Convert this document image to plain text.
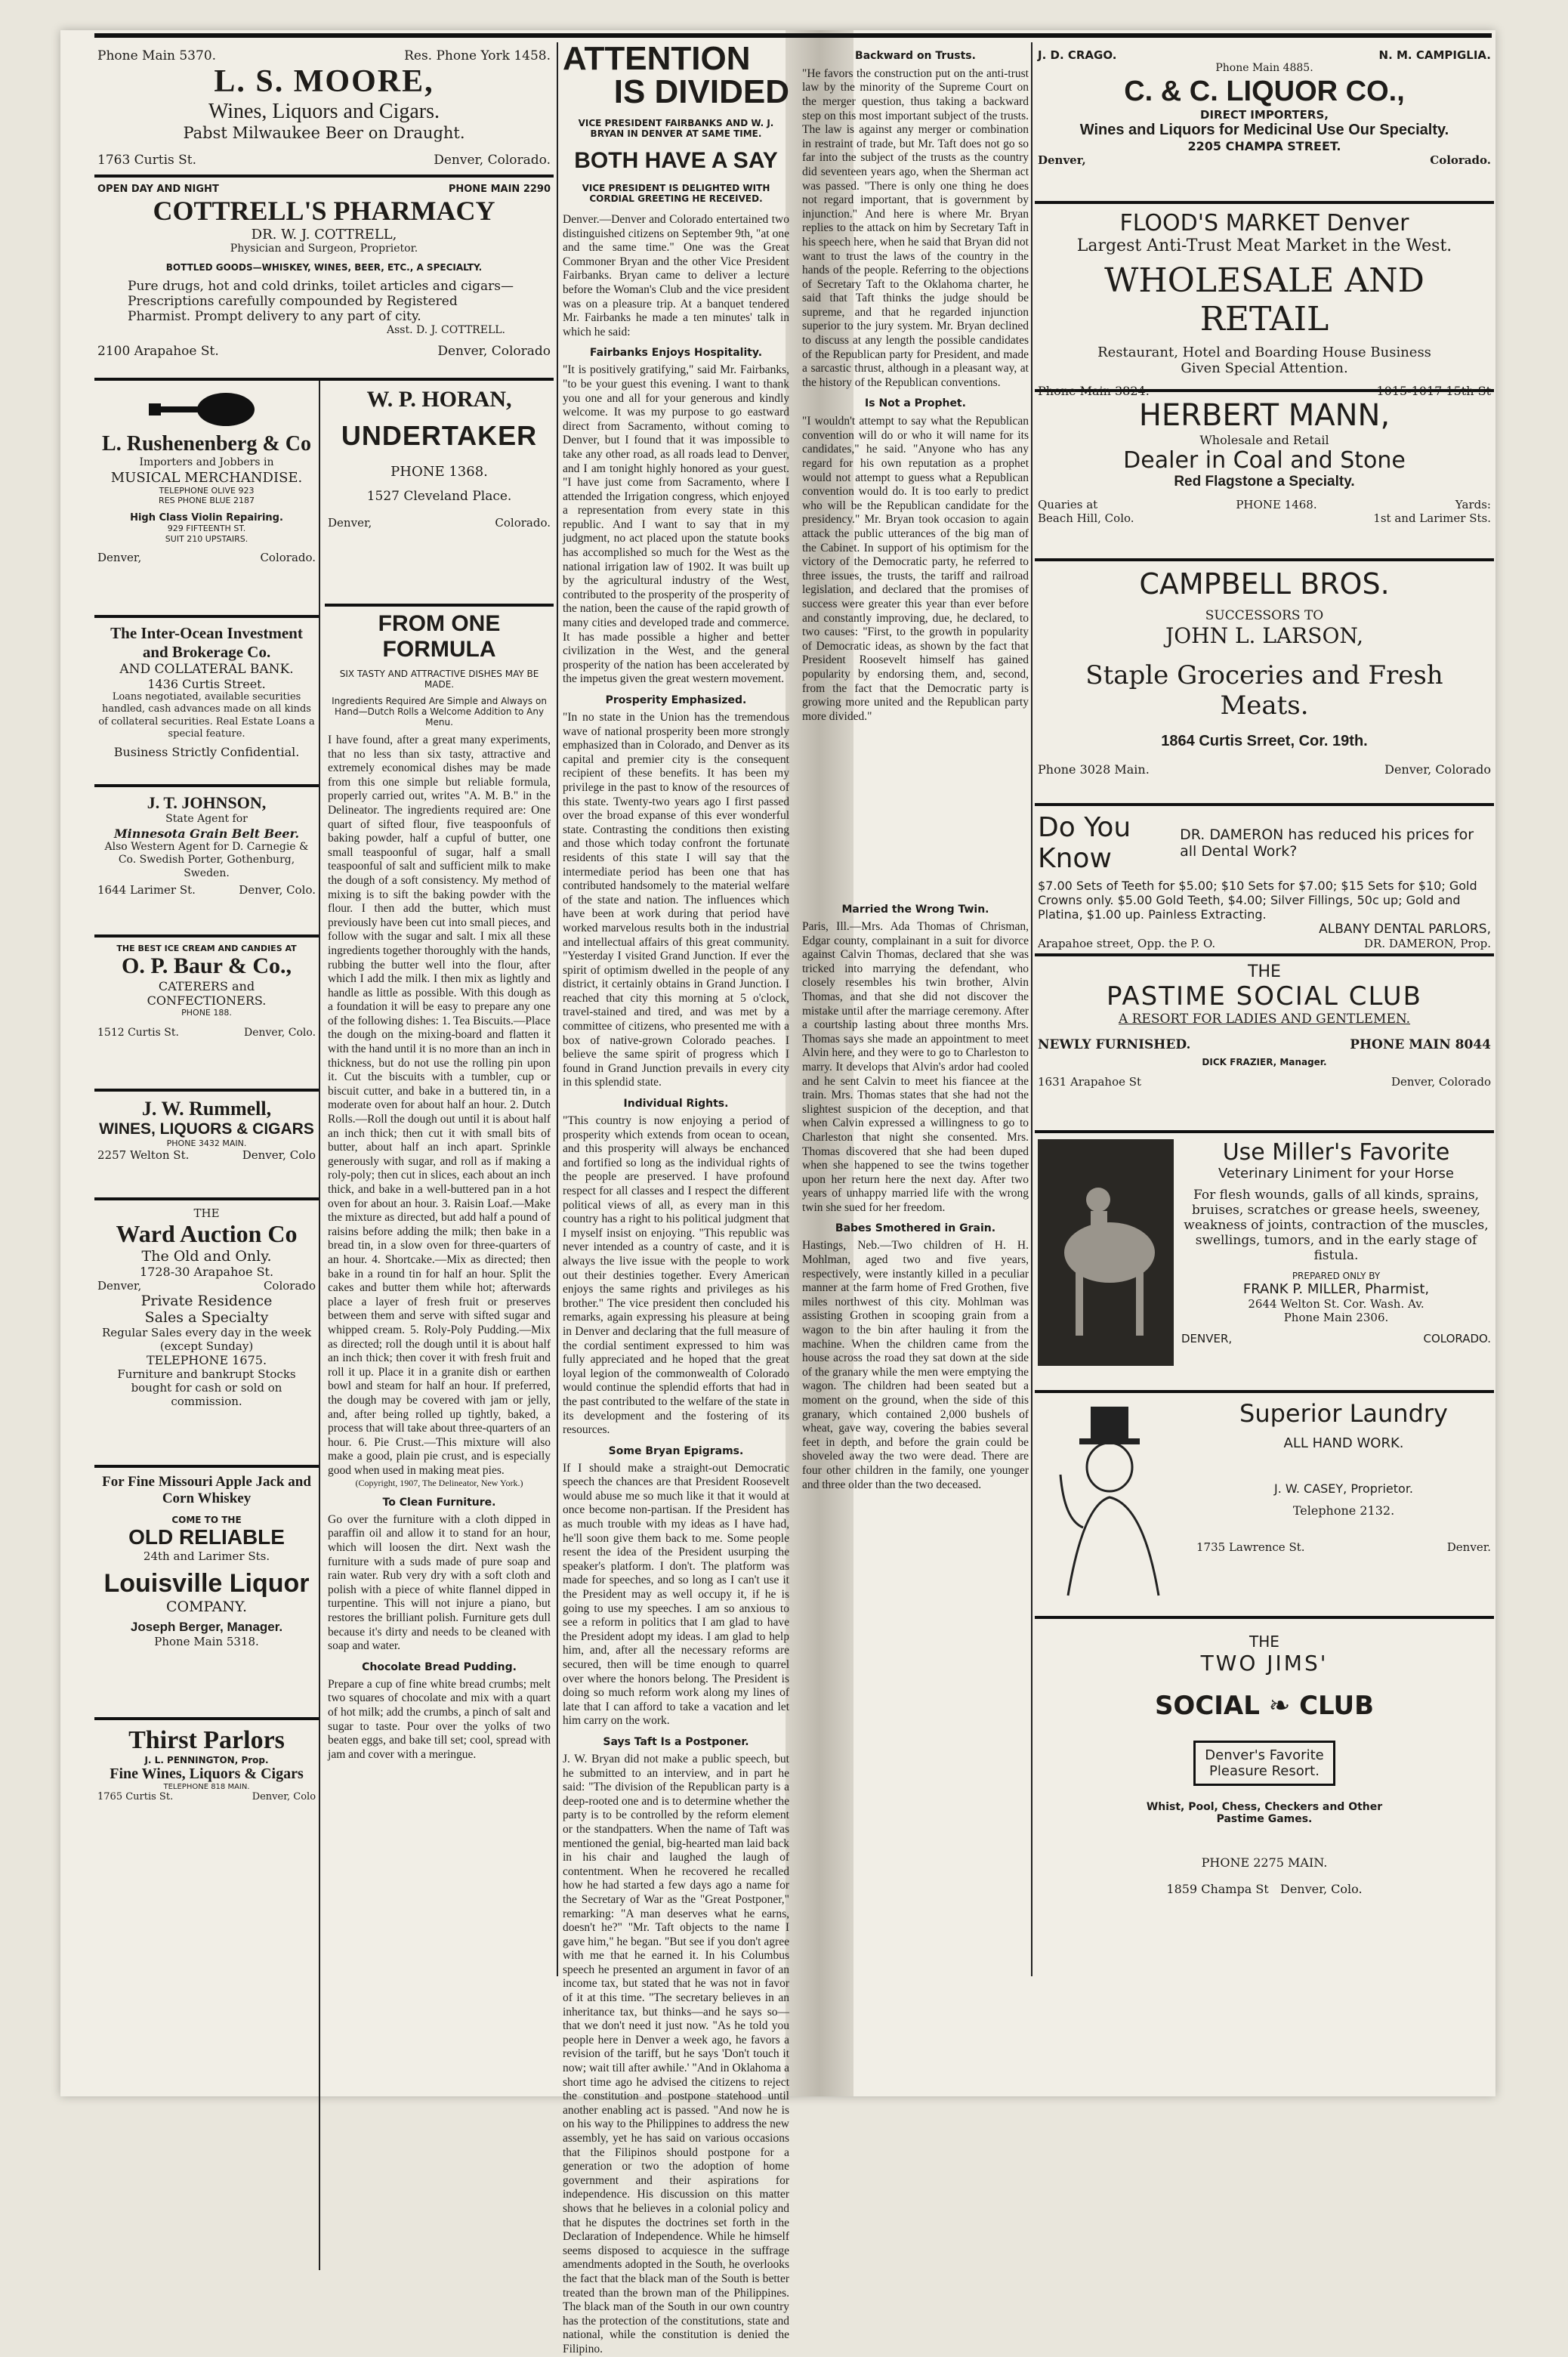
Phone Main 5370.	Res. Phone York 1458.
L. S. MOORE,
Wines, Liquors and Cigars.
Pabst Milwaukee Beer on Draught.
1763 Curtis St.	Denver, Colorado.
OPEN DAY AND NIGHT	PHONE MAIN 2290
COTTRELL'S PHARMACY
DR. W. J. COTTRELL,
Physician and Surgeon, Proprietor.
BOTTLED GOODS—WHISKEY, WINES, BEER, ETC., A SPECIALTY.
Pure drugs, hot and cold drinks, toilet articles and cigars—Prescriptions carefully compounded by Registered Pharmist. Prompt delivery to any part of city.
Asst. D. J. COTTRELL.
2100 Arapahoe St.	Denver, Colorado
L. Rushenenberg & Co
Importers and Jobbers in
MUSICAL MERCHANDISE.
TELEPHONE OLIVE 923
RES PHONE BLUE 2187
High Class Violin Repairing.
929 FIFTEENTH ST.
SUIT 210 UPSTAIRS.
Denver,	Colorado.
The Inter-Ocean Investment and Brokerage Co.
AND COLLATERAL BANK.
1436 Curtis Street.
Loans negotiated, available securities handled, cash advances made on all kinds of collateral securities. Real Estate Loans a special feature.
Business Strictly Confidential.
J. T. JOHNSON,
State Agent for
Minnesota Grain Belt Beer.
Also Western Agent for D. Carnegie & Co. Swedish Porter, Gothenburg, Sweden.
1644 Larimer St.	Denver, Colo.
THE BEST ICE CREAM AND CANDIES AT
O. P. Baur & Co.,
CATERERS and
CONFECTIONERS.
PHONE 188.
1512 Curtis St.	Denver, Colo.
J. W. Rummell,
WINES, LIQUORS & CIGARS
PHONE 3432 MAIN.
2257 Welton St.	Denver, Colo
THE
Ward Auction Co
The Old and Only.
1728-30 Arapahoe St.
Denver,	Colorado
Private Residence
Sales a Specialty
Regular Sales every day in the week (except Sunday)
TELEPHONE 1675.
Furniture and bankrupt Stocks bought for cash or sold on commission.
For Fine Missouri Apple Jack and Corn Whiskey
COME TO THE
OLD RELIABLE
24th and Larimer Sts.
Louisville Liquor
COMPANY.
Joseph Berger, Manager.
Phone Main 5318.
Thirst Parlors
J. L. PENNINGTON, Prop.
Fine Wines, Liquors & Cigars
TELEPHONE 818 MAIN.
1765 Curtis St.	Denver, Colo
W. P. HORAN,
UNDERTAKER
PHONE 1368.
1527 Cleveland Place.
Denver,	Colorado.
FROM ONE FORMULA
SIX TASTY AND ATTRACTIVE DISHES MAY BE MADE.
Ingredients Required Are Simple and Always on Hand—Dutch Rolls a Welcome Addition to Any Menu.
I have found, after a great many experiments, that no less than six tasty, attractive and extremely economical dishes may be made from this one simple but reliable formula, properly carried out, writes "A. M. B." in the Delineator. The ingredients required are: One quart of sifted flour, five teaspoonfuls of baking powder, half a cupful of butter, one small teaspoonful of sugar, half a small teaspoonful of salt and sufficient milk to make the dough of a soft consistency. My method of mixing is to sift the baking powder with the flour. I then add the butter, which must previously have been cut into small pieces, and follow with the sugar and salt. I mix all these ingredients together thoroughly with the hands, rubbing the butter well into the flour, after which I add the milk. I then mix as lightly and handle as little as possible. With this dough as a foundation it will be easy to prepare any one of the following dishes: 1. Tea Biscuits.—Place the dough on the mixing-board and flatten it with the hand until it is no more than an inch in thickness, but do not use the rolling pin upon it. Cut the biscuits with a tumbler, cup or biscuit cutter, and bake in a buttered tin, in a moderate oven for about half an hour. 2. Dutch Rolls.—Roll the dough out until it is about half an inch thick; then cut it with small bits of butter, about half an inch apart. Sprinkle generously with sugar, and roll as if making a roly-poly; then cut in slices, each about an inch thick, and bake in a well-buttered pan in a hot oven for about an hour. 3. Raisin Loaf.—Make the mixture as directed, but add half a pound of raisins before adding the milk; then bake in a bread tin, in a slow oven for three-quarters of an hour. 4. Shortcake.—Mix as directed; then bake in a round tin for half an hour. Split the cakes and butter them while hot; afterwards place a layer of fresh fruit or preserves between them and serve with sifted sugar and whipped cream. 5. Roly-Poly Pudding.—Mix as directed; roll the dough until it is about half an inch thick; then cover it with fresh fruit and roll it up. Place it in a granite dish or earthen bowl and steam for half an hour. If preferred, the dough may be covered with jam or jelly, and, after being rolled up tightly, baked, a process that will take about three-quarters of an hour. 6. Pie Crust.—This mixture will also make a good, plain pie crust, and is especially good when used in making meat pies.
(Copyright, 1907, The Delineator, New York.)
To Clean Furniture.
Go over the furniture with a cloth dipped in paraffin oil and allow it to stand for an hour, which will loosen the dirt. Next wash the furniture with a suds made of pure soap and rain water. Rub very dry with a soft cloth and polish with a piece of white flannel dipped in turpentine. This will not injure a piano, but restores the brilliant polish. Furniture gets dull because it's dirty and needs to be cleaned with soap and water.
Chocolate Bread Pudding.
Prepare a cup of fine white bread crumbs; melt two squares of chocolate and mix with a quart of hot milk; add the crumbs, a pinch of salt and sugar to taste. Pour over the yolks of two beaten eggs, and bake till set; cool, spread with jam and cover with a meringue.
ATTENTION
IS DIVIDED
VICE PRESIDENT FAIRBANKS AND W. J. BRYAN IN DENVER AT SAME TIME.
BOTH HAVE A SAY
VICE PRESIDENT IS DELIGHTED WITH CORDIAL GREETING HE RECEIVED.
Denver.—Denver and Colorado entertained two distinguished citizens on September 9th, "at one and the same time." One was the Great Commoner Bryan and the other Vice President Fairbanks. Bryan came to deliver a lecture before the Woman's Club and the vice president was on a pleasure trip. At a banquet tendered Mr. Fairbanks he made a ten minutes' talk in which he said:
Fairbanks Enjoys Hospitality.
"It is positively gratifying," said Mr. Fairbanks, "to be your guest this evening. I want to thank you one and all for your generous and kindly welcome. It was my purpose to go eastward direct from Sacramento, without coming to Denver, but I found that it was impossible to take any other road, as all roads lead to Denver, and I am tonight highly honored as your guest. "I have just come from Sacramento, where I attended the Irrigation congress, which enjoyed a representation from every state in this republic. And I want to say that in my judgment, no act placed upon the statute books has accomplished so much for the West as the national irrigation law of 1902. It was built up by the agricultural industry of the West, contributed to the prosperity of the prosperity of the nation, been the cause of the rapid growth of many cities and developed trade and commerce. It has made possible a higher and better civilization in the West, and the general prosperity of the nation has been accelerated by the impetus given the great western movement.
Prosperity Emphasized.
"In no state in the Union has the tremendous wave of national prosperity been more strongly emphasized than in Colorado, and Denver as its capital and premier city is the consequent recipient of these benefits. It has been my privilege in the past to know of the resources of this state. Twenty-two years ago I first passed over the broad expanse of this ever wonderful state. Contrasting the conditions then existing and those which today confront the fortunate residents of this state I will say that the intermediate period has been one that has contributed handsomely to the material welfare of the state and nation. The influences which have been at work during that period have worked marvelous results both in the industrial and intellectual affairs of this great community. "Yesterday I visited Grand Junction. If ever the spirit of optimism dwelled in the people of any district, it certainly obtains in Grand Junction. I reached that city this morning at 5 o'clock, travel-stained and tired, and was met by a committee of citizens, who presented me with a box of native-grown Colorado peaches. I believe the same spirit of progress which I found in Grand Junction prevails in every city in this splendid state.
Individual Rights.
"This country is now enjoying a period of prosperity which extends from ocean to ocean, and this prosperity will always be enchanced and fortified so long as the individual rights of the people are preserved. I have profound respect for all classes and I respect the different political views of all, as every man in this country has a right to his political judgment that I myself insist on enjoying. "This republic was never intended as a country of caste, and it is always the live issue with the people to work out their destinies together. Every American enjoys the same rights and privileges as his brother." The vice president then concluded his remarks, again expressing his pleasure at being in Denver and declaring that the full measure of the cordial sentiment expressed to him was fully appreciated and he hoped that the great loyal legion of the commonwealth of Colorado would continue the splendid efforts that had in the past contributed to the welfare of the state in its development and the fostering of its resources.
Some Bryan Epigrams.
If I should make a straight-out Democratic speech the chances are that President Roosevelt would abuse me so much like it that it would at once become non-partisan. If the President has as much trouble with my ideas as I have had, he'll soon give them back to me. Some people resent the idea of the President usurping the speaker's platform. I don't. The platform was made for speeches, and so long as I can't use it the President may as well occupy it, if he is going to use my speeches. I am so anxious to see a reform in politics that I am glad to have the President adopt my ideas. I am glad to help him, and, after all the necessary reforms are secured, then will be time enough to quarrel over where the honors belong. The President is doing so much reform work along my lines of late that I can afford to take a vacation and let him carry on the work.
Says Taft Is a Postponer.
J. W. Bryan did not make a public speech, but he submitted to an interview, and in part he said: "The division of the Republican party is a deep-rooted one and is to determine whether the party is to be controlled by the reform element or the standpatters. When the name of Taft was mentioned the genial, big-hearted man laid back in his chair and laughed the laugh of contentment. When he recovered he recalled how he had started a few days ago a name for the Secretary of War as the "Great Postponer," remarking: "A man deserves what he earns, doesn't he?" "Mr. Taft objects to the name I gave him," he began. "But see if you don't agree with me that he earned it. In his Columbus speech he presented an argument in favor of an income tax, but stated that he was not in favor of it at this time. "The secretary believes in an inheritance tax, but thinks—and he says so—that we don't need it just now. "As he told you people here in Denver a week ago, he favors a revision of the tariff, but he says 'Don't touch it now; wait till after awhile.' "And in Oklahoma a short time ago he advised the citizens to reject the constitution and postpone statehood until another enabling act is passed. "And now he is on his way to the Philippines to address the new assembly, yet he has said on various occasions that the Filipinos should postpone for a generation or two the adoption of home government and their aspirations for independence. His discussion on this matter shows that he believes in a colonial policy and that he disputes the doctrines set forth in the Declaration of Independence. While he himself seems disposed to acquiesce in the suffrage amendments adopted in the South, he overlooks the fact that the black man of the South is better treated than the brown man of the Philippines. The black man of the South in our own country has the protection of the constitutions, state and national, while the constitution is denied the Filipino.
Backward on Trusts.
"He favors the construction put on the anti-trust law by the minority of the Supreme Court on the merger question, thus taking a backward step on this most important subject of the trusts. The law is against any merger or combination in restraint of trade, but Mr. Taft does not go so far into the subject of the trusts as the country did seventeen years ago, when the Sherman act was passed. "There is only one thing he does not regard important, that is government by injunction." And here is where Mr. Bryan replies to the attack on him by Secretary Taft in his speech here, when he said that Bryan did not want to trust the laws of the country in the hands of the people. Referring to the objections of Secretary Taft to the Oklahoma charter, he said that Taft thinks the judge should be supreme, and that he regarded injunction superior to the jury system. Mr. Bryan declined to discuss at any length the possible candidates of the Republican party for President, and made a sarcastic thrust, although in a pleasant way, at the history of the Republican conventions.
Is Not a Prophet.
"I wouldn't attempt to say what the Republican convention will do or who it will name for its candidates," he said. "Anyone who has any regard for his own reputation as a prophet would not attempt to guess what a Republican convention would do. It is too early to predict who will be the Republican candidate for the presidency." Mr. Bryan took occasion to again attack the public utterances of the big man of the Cabinet. In support of his optimism for the victory of the Democratic party, he referred to three issues, the trusts, the tariff and railroad legislation, and declared that the promises of success were greater this year than ever before and constantly improving, due, he declared, to two causes: "First, to the growth in popularity of Democratic ideas, as shown by the fact that President Roosevelt himself has gained popularity by endorsing them, and, second, from the fact that the Democratic party is growing more united and the Republican party more divided."
Married the Wrong Twin.
Paris, Ill.—Mrs. Ada Thomas of Chrisman, Edgar county, complainant in a suit for divorce against Calvin Thomas, declared that she was tricked into marrying the defendant, who closely resembles his twin brother, Alvin Thomas, and that she did not discover the mistake until after the marriage ceremony. After a courtship lasting about three months Mrs. Thomas says she made an appointment to meet Alvin here, and they were to go to Charleston to marry. It develops that Alvin's ardor had cooled and he sent Calvin to meet his fiancee at the train. Mrs. Thomas states that she had not the slightest suspicion of the deception, and that when Calvin expressed a willingness to go to Charleston that night she consented. Mrs. Thomas discovered that she had been duped when she happened to see the twins together upon her return here the next day. After two years of unhappy married life with the wrong twin she sued for her freedom.
Babes Smothered in Grain.
Hastings, Neb.—Two children of H. H. Mohlman, aged two and five years, respectively, were instantly killed in a peculiar manner at the farm home of Fred Grothen, five miles northwest of this city. Mohlman was assisting Grothen in scooping grain from a wagon to the bin after hauling it from the machine. When the children came from the house across the road they sat down at the side of the granary while the men were emptying the wagon. The children had been seated but a moment on the ground, when the side of this granary, which contained 2,000 bushels of wheat, gave way, covering the babies several feet in depth, and before the grain could be shoveled away the two were dead. There are four other children in the family, one younger and three older than the two deceased.
J. D. CRAGO.	N. M. CAMPIGLIA.
Phone Main 4885.
C. & C. LIQUOR CO.,
DIRECT IMPORTERS,
Wines and Liquors for Medicinal Use Our Specialty.
2205 CHAMPA STREET.
Denver,	Colorado.
FLOOD'S MARKET Denver
Largest Anti-Trust Meat Market in the West.
WHOLESALE AND RETAIL
Restaurant, Hotel and Boarding House Business Given Special Attention.
Phone Main 3824.	1015-1017 15th St
HERBERT MANN,
Wholesale and Retail
Dealer in Coal and Stone
Red Flagstone a Specialty.
Quaries at	PHONE 1468.	Yards:
Beach Hill, Colo.	1st and Larimer Sts.
CAMPBELL BROS.
SUCCESSORS TO
JOHN L. LARSON,
Staple Groceries and Fresh Meats.
1864 Curtis Srreet, Cor. 19th.
Phone 3028 Main.	Denver, Colorado
Do You Know
DR. DAMERON has reduced his prices for all Dental Work?
$7.00 Sets of Teeth for $5.00; $10 Sets for $7.00; $15 Sets for $10; Gold Crowns only. $5.00 Gold Teeth, $4.00; Silver Fillings, 50c up; Gold and Platina, $1.00 up. Painless Extracting.
ALBANY DENTAL PARLORS,
Arapahoe street, Opp. the P. O.	DR. DAMERON, Prop.
THE
PASTIME SOCIAL CLUB
A RESORT FOR LADIES AND GENTLEMEN.
NEWLY FURNISHED.	PHONE MAIN 8044
DICK FRAZIER, Manager.
1631 Arapahoe St	Denver, Colorado
Use Miller's Favorite
Veterinary Liniment for your Horse
For flesh wounds, galls of all kinds, sprains, bruises, scratches or grease heels, sweeney, weakness of joints, contraction of the muscles, swellings, tumors, and in the early stage of fistula.
PREPARED ONLY BY
FRANK P. MILLER, Pharmist,
2644 Welton St. Cor. Wash. Av.
Phone Main 2306.
DENVER,	COLORADO.
Superior Laundry
ALL HAND WORK.
J. W. CASEY, Proprietor.
Telephone 2132.
1735 Lawrence St.	Denver.
THE
TWO JIMS'
SOCIAL ❧ CLUB
Denver's Favorite
Pleasure Resort.
Whist, Pool, Chess, Checkers and Other Pastime Games.
PHONE 2275 MAIN.
1859 Champa St Denver, Colo.
